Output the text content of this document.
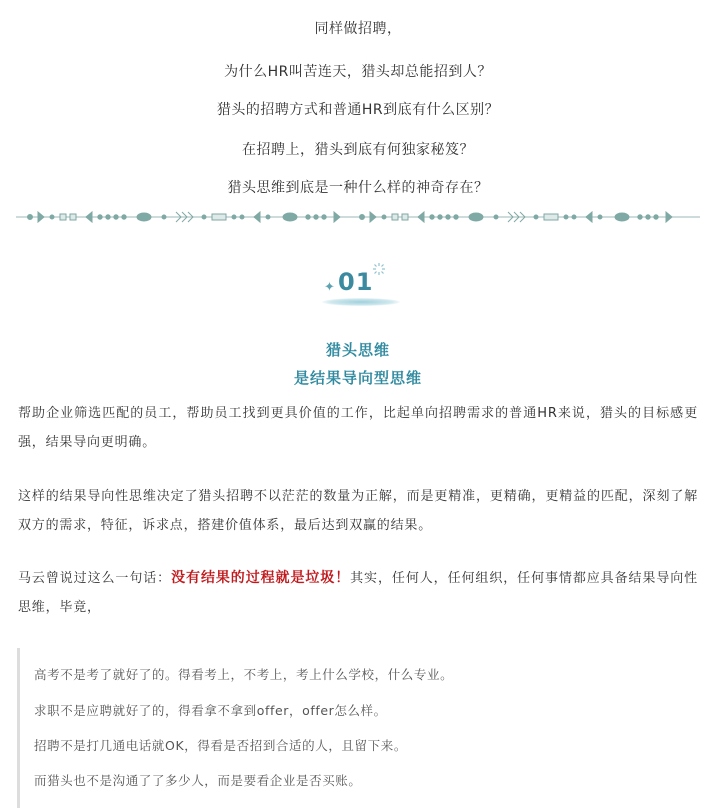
同样做招聘，

为什么HR叫苦连天，猎头却总能招到人？

猎头的招聘方式和普通HR到底有什么区别？

在招聘上，猎头到底有何独家秘笈？

猎头思维到底是一种什么样的神奇存在？

✦ 01
猎头思维
是结果导向型思维

帮助企业筛选匹配的员工，帮助员工找到更具价值的工作，比起单向招聘需求的普通HR来说，猎头的目标感更强，结果导向更明确。

这样的结果导向性思维决定了猎头招聘不以茫茫的数量为正解，而是更精准，更精确，更精益的匹配，深刻了解双方的需求，特征，诉求点，搭建价值体系，最后达到双赢的结果。

马云曾说过这么一句话：没有结果的过程就是垃圾！其实，任何人，任何组织，任何事情都应具备结果导向性思维，毕竟，

高考不是考了就好了的。得看考上，不考上，考上什么学校，什么专业。

求职不是应聘就好了的，得看拿不拿到offer，offer怎么样。

招聘不是打几通电话就OK，得看是否招到合适的人，且留下来。

而猎头也不是沟通了了多少人，而是要看企业是否买账。
